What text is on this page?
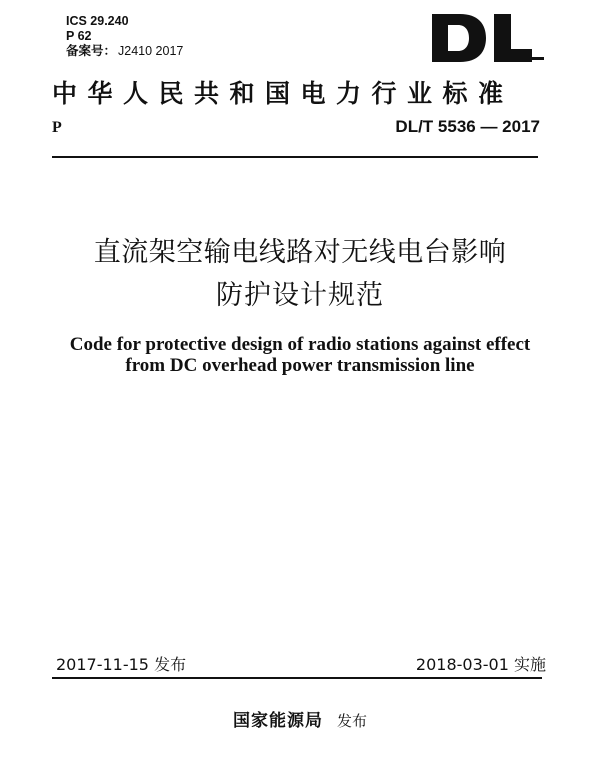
ICS 29.240
P 62
备案号： J2410 2017
中华人民共和国电力行业标准
P	DL/T 5536 — 2017
直流架空输电线路对无线电台影响
防护设计规范
Code for protective design of radio stations against effect
from DC overhead power transmission line
2017-11-15 发布	2018-03-01 实施
国家能源局 发布
